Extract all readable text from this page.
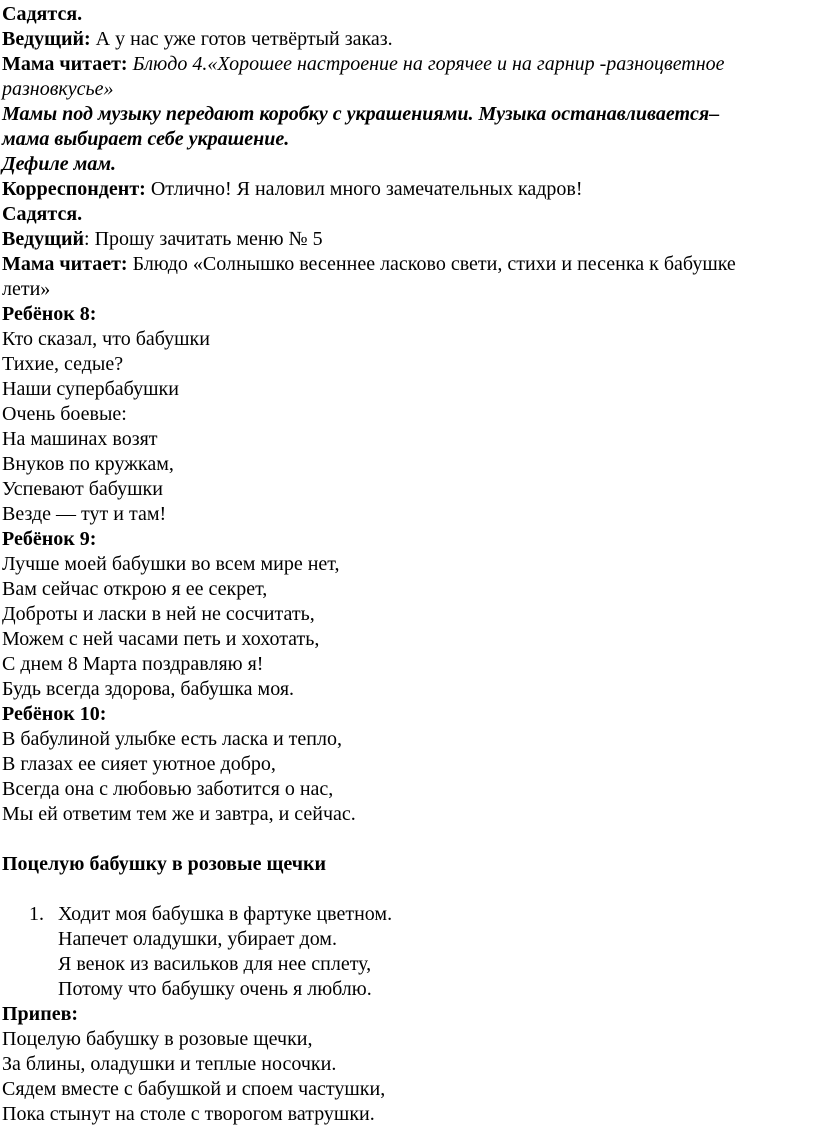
Садятся.
Ведущий: А у нас уже готов четвёртый заказ.
Мама читает: Блюдо 4.«Хорошее настроение на горячее и на гарнир -разноцветное
разновкусье»
Мамы под музыку передают коробку с украшениями. Музыка останавливается–
мама выбирает себе украшение.
Дефиле мам.
Корреспондент: Отлично! Я наловил много замечательных кадров!
Садятся.
Ведущий: Прошу зачитать меню № 5
Мама читает: Блюдо «Солнышко весеннее ласково свети, стихи и песенка к бабушке
лети»
Ребёнок 8:
Кто сказал, что бабушки
Тихие, седые?
Наши супербабушки
Очень боевые:
На машинах возят
Внуков по кружкам,
Успевают бабушки
Везде — тут и там!
Ребёнок 9:
Лучше моей бабушки во всем мире нет,
Вам сейчас открою я ее секрет,
Доброты и ласки в ней не сосчитать,
Можем с ней часами петь и хохотать,
С днем 8 Марта поздравляю я!
Будь всегда здорова, бабушка моя.
Ребёнок 10:
В бабулиной улыбке есть ласка и тепло,
В глазах ее сияет уютное добро,
Всегда она с любовью заботится о нас,
Мы ей ответим тем же и завтра, и сейчас.
Поцелую бабушку в розовые щечки
1. Ходит моя бабушка в фартуке цветном.
Напечет оладушки, убирает дом.
Я венок из васильков для нее сплету,
Потому что бабушку очень я люблю.
Припев:
Поцелую бабушку в розовые щечки,
За блины, оладушки и теплые носочки.
Сядем вместе с бабушкой и споем частушки,
Пока стынут на столе с творогом ватрушки.
